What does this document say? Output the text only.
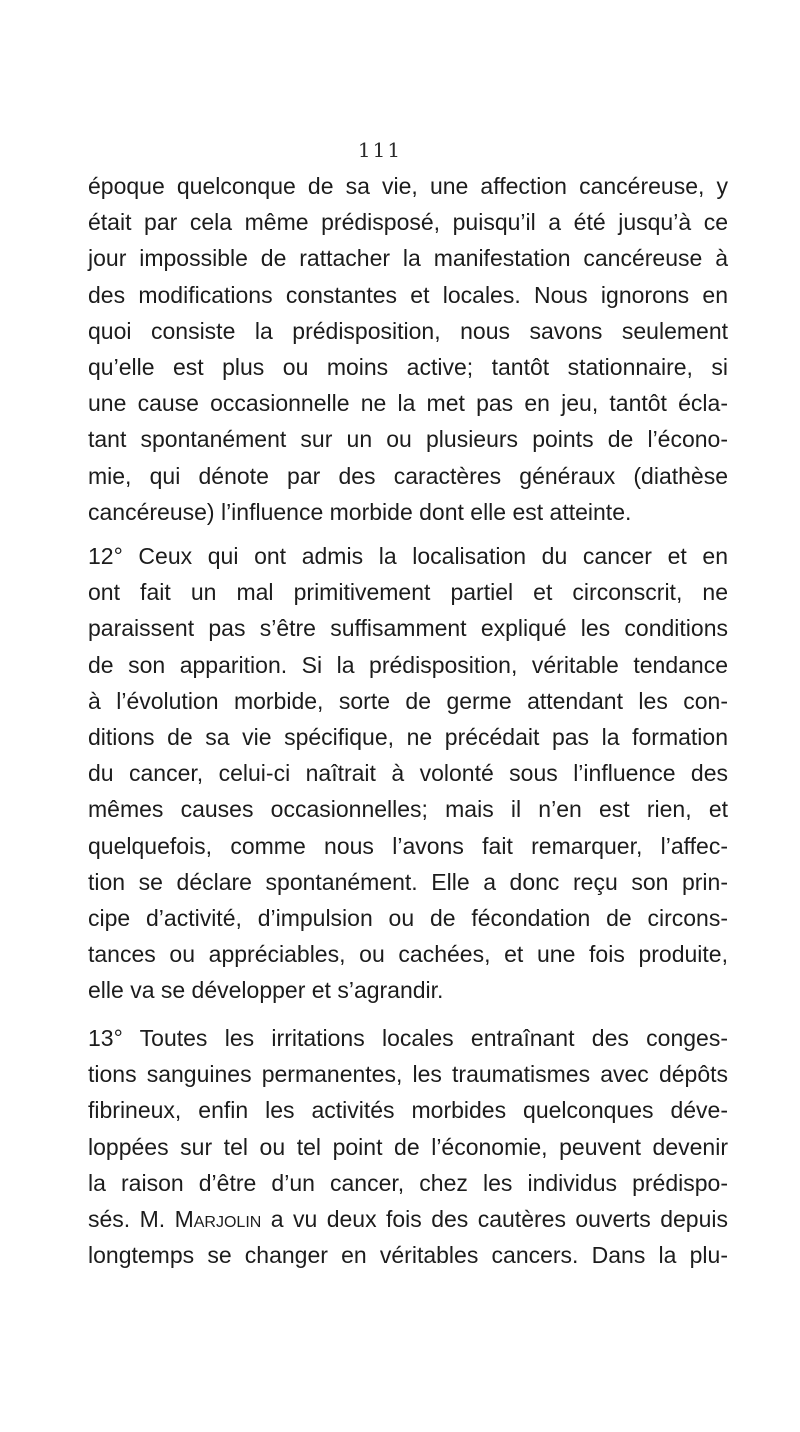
111
époque quelconque de sa vie, une affection cancéreuse, y
était par cela même prédisposé, puisqu’il a été jusqu’à ce
jour impossible de rattacher la manifestation cancéreuse à
des modifications constantes et locales. Nous ignorons en
quoi consiste la prédisposition, nous savons seulement
qu’elle est plus ou moins active; tantôt stationnaire, si
une cause occasionnelle ne la met pas en jeu, tantôt écla-
tant spontanément sur un ou plusieurs points de l’écono-
mie, qui dénote par des caractères généraux (diathèse
cancéreuse) l’influence morbide dont elle est atteinte.
12° Ceux qui ont admis la localisation du cancer et en
ont fait un mal primitivement partiel et circonscrit, ne
paraissent pas s’être suffisamment expliqué les conditions
de son apparition. Si la prédisposition, véritable tendance
à l’évolution morbide, sorte de germe attendant les con-
ditions de sa vie spécifique, ne précédait pas la formation
du cancer, celui-ci naîtrait à volonté sous l’influence des
mêmes causes occasionnelles; mais il n’en est rien, et
quelquefois, comme nous l’avons fait remarquer, l’affec-
tion se déclare spontanément. Elle a donc reçu son prin-
cipe d’activité, d’impulsion ou de fécondation de circons-
tances ou appréciables, ou cachées, et une fois produite,
elle va se développer et s’agrandir.
13° Toutes les irritations locales entraînant des conges-
tions sanguines permanentes, les traumatismes avec dépôts
fibrineux, enfin les activités morbides quelconques déve-
loppées sur tel ou tel point de l’économie, peuvent devenir
la raison d’être d’un cancer, chez les individus prédispo-
sés. M. Marjolin a vu deux fois des cautères ouverts depuis
longtemps se changer en véritables cancers. Dans la plu-
